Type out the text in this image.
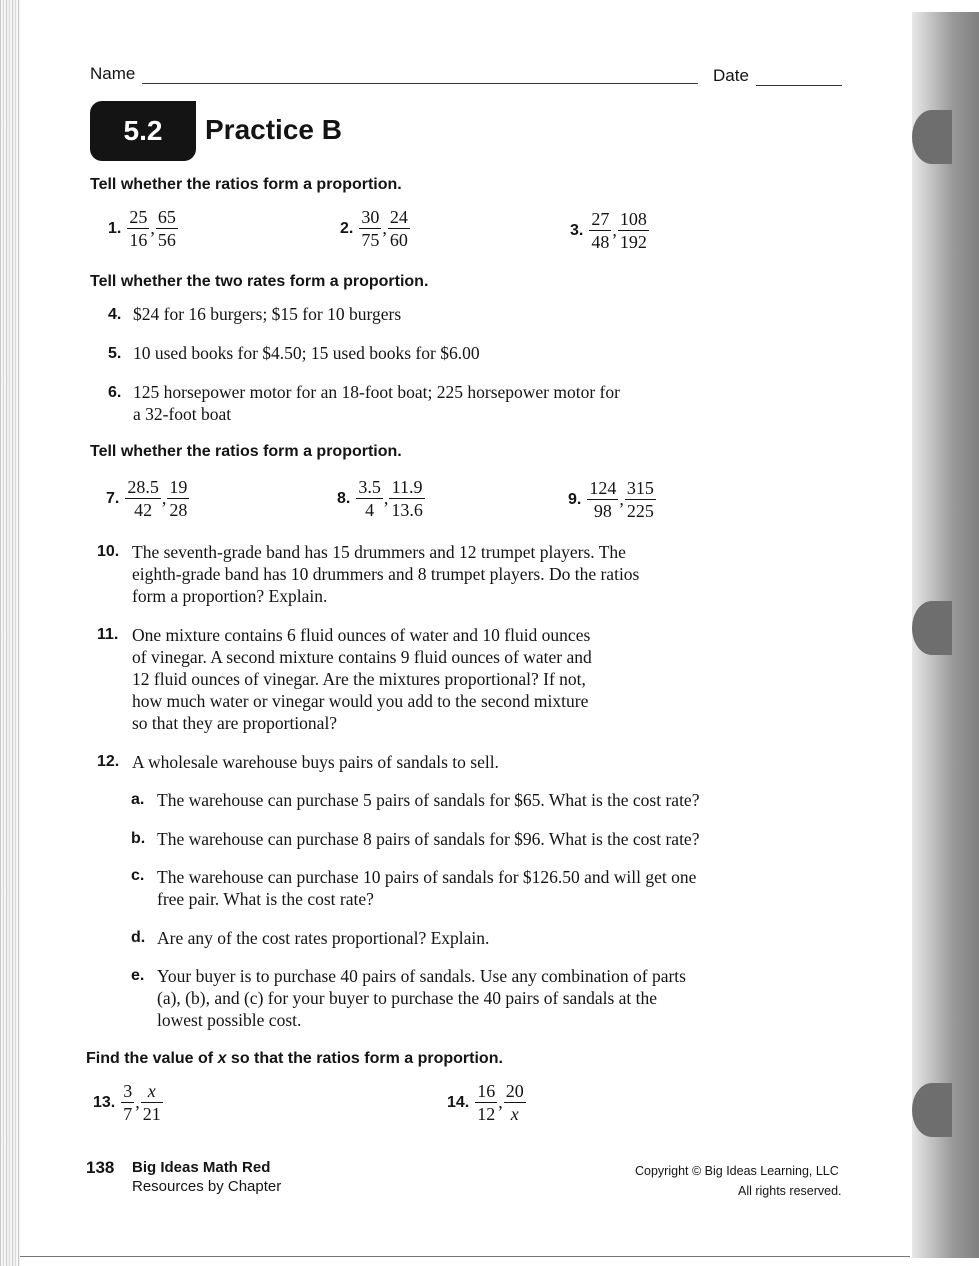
Name	Date
5.2	Practice B
Tell whether the ratios form a proportion.
1. $\frac{25}{16}$ , $\frac{65}{56}$	2. $\frac{30}{75}$ , $\frac{24}{60}$	3. $\frac{27}{48}$ , $\frac{108}{192}$
Tell whether the two rates form a proportion.
4. $24 for 16 burgers; $15 for 10 burgers
5. 10 used books for $4.50; 15 used books for $6.00
6. 125 horsepower motor for an 18-foot boat; 225 horsepower motor for
a 32-foot boat
Tell whether the ratios form a proportion.
7. $\frac{28.5}{42}$ , $\frac{19}{28}$	8. $\frac{3.5}{4}$ , $\frac{11.9}{13.6}$	9. $\frac{124}{98}$ , $\frac{315}{225}$
10. The seventh-grade band has 15 drummers and 12 trumpet players. The
eighth-grade band has 10 drummers and 8 trumpet players. Do the ratios
form a proportion? Explain.
11. One mixture contains 6 fluid ounces of water and 10 fluid ounces
of vinegar. A second mixture contains 9 fluid ounces of water and
12 fluid ounces of vinegar. Are the mixtures proportional? If not,
how much water or vinegar would you add to the second mixture
so that they are proportional?
12. A wholesale warehouse buys pairs of sandals to sell.
a. The warehouse can purchase 5 pairs of sandals for $65. What is the cost rate?
b. The warehouse can purchase 8 pairs of sandals for $96. What is the cost rate?
c. The warehouse can purchase 10 pairs of sandals for $126.50 and will get one
free pair. What is the cost rate?
d. Are any of the cost rates proportional? Explain.
e. Your buyer is to purchase 40 pairs of sandals. Use any combination of parts
(a), (b), and (c) for your buyer to purchase the 40 pairs of sandals at the
lowest possible cost.
Find the value of x so that the ratios form a proportion.
13. $\frac{3}{7}$ , $\frac{x}{21}$	14. $\frac{16}{12}$ , $\frac{20}{x}$
138 Big Ideas Math Red
Resources by Chapter
Copyright © Big Ideas Learning, LLC
All rights reserved.
